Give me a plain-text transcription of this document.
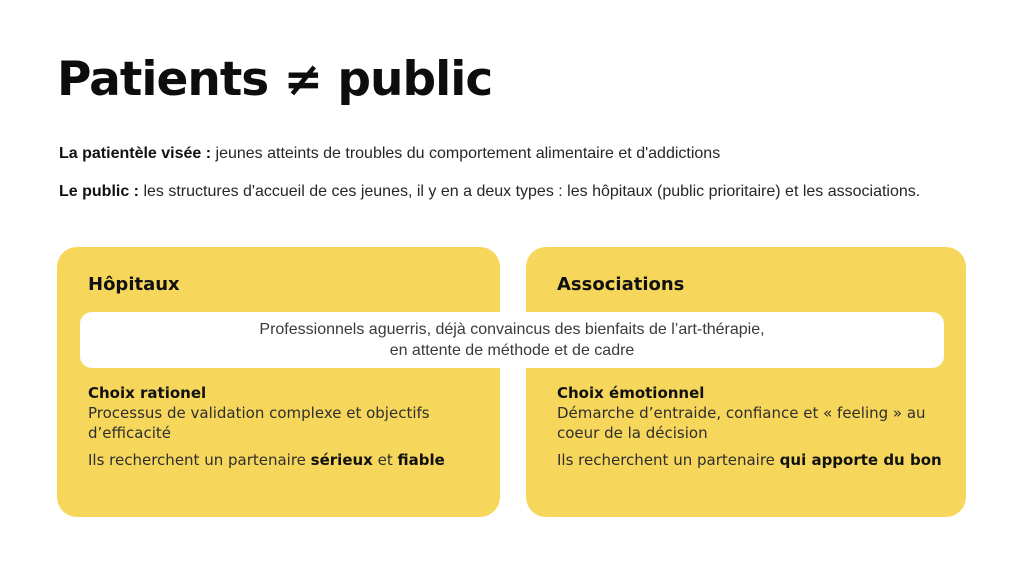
Patients ≠ public

La patientèle visée : jeunes atteints de troubles du comportement alimentaire et d'addictions

Le public : les structures d'accueil de ces jeunes, il y en a deux types : les hôpitaux (public prioritaire) et les associations.

Hôpitaux
Choix rationel
Processus de validation complexe et objectifs d’efficacité
Ils recherchent un partenaire sérieux et fiable
Associations
Choix émotionnel
Démarche d’entraide, confiance et « feeling » au coeur de la décision
Ils recherchent un partenaire qui apporte du bon
Professionnels aguerris, déjà convaincus des bienfaits de l’art-thérapie,
en attente de méthode et de cadre
